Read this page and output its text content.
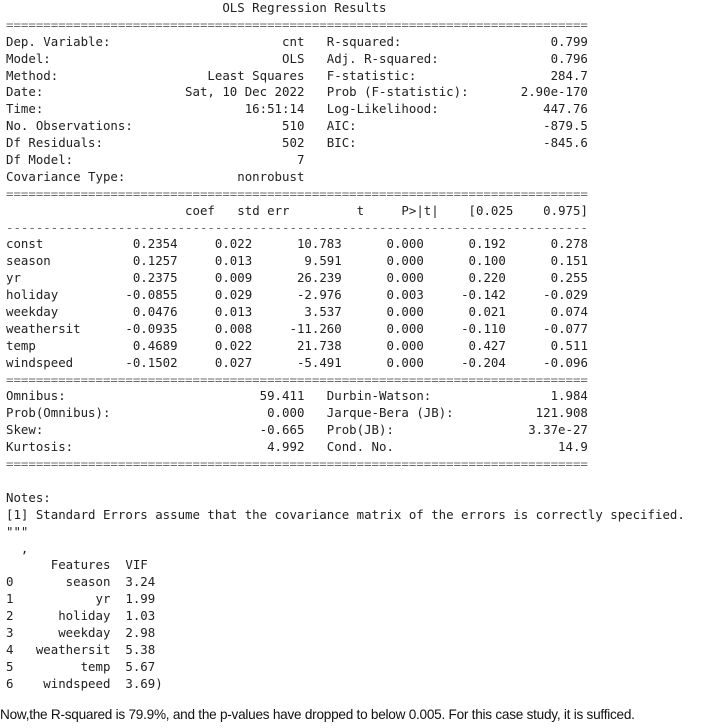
OLS Regression Results
==============================================================================
Dep. Variable:                       cnt R-squared:                    0.799
Model:                               OLS Adj. R-squared:               0.796
Method:                    Least Squares F-statistic:                  284.7
Date:                   Sat, 10 Dec 2022 Prob (F-statistic):       2.90e-170
Time:                           16:51:14 Log-Likelihood:              447.76
No. Observations:                    510 AIC:                         -879.5
Df Residuals:                        502 BIC:                         -845.6
Df Model:                              7
Covariance Type:               nonrobust
==============================================================================
coef   std err         t     P>|t|    [0.025    0.975]
------------------------------------------------------------------------------
const            0.2354     0.022      10.783      0.000      0.192      0.278
season           0.1257     0.013       9.591      0.000      0.100      0.151
yr               0.2375     0.009      26.239      0.000      0.220      0.255
holiday         -0.0855     0.029      -2.976      0.003     -0.142     -0.029
weekday          0.0476     0.013       3.537      0.000      0.021      0.074
weathersit      -0.0935     0.008     -11.260      0.000     -0.110     -0.077
temp             0.4689     0.022      21.738      0.000      0.427      0.511
windspeed       -0.1502     0.027      -5.491      0.000     -0.204     -0.096
==============================================================================
Omnibus:                          59.411 Durbin-Watson:                1.984
Prob(Omnibus):                     0.000 Jarque-Bera (JB):           121.908
Skew:                             -0.665 Prob(JB):                  3.37e-27
Kurtosis:                          4.992 Cond. No.                      14.9
==============================================================================

Notes:
[1] Standard Errors assume that the covariance matrix of the errors is correctly specified.
"""
,
Features VIF
0       season 3.24
1           yr 1.99
2      holiday 1.03
3      weekday 2.98
4   weathersit 5.38
5         temp 5.67
6    windspeed 3.69)
Now,the R-squared is 79.9%, and the p-values have dropped to below 0.005. For this case study, it is sufficed.
